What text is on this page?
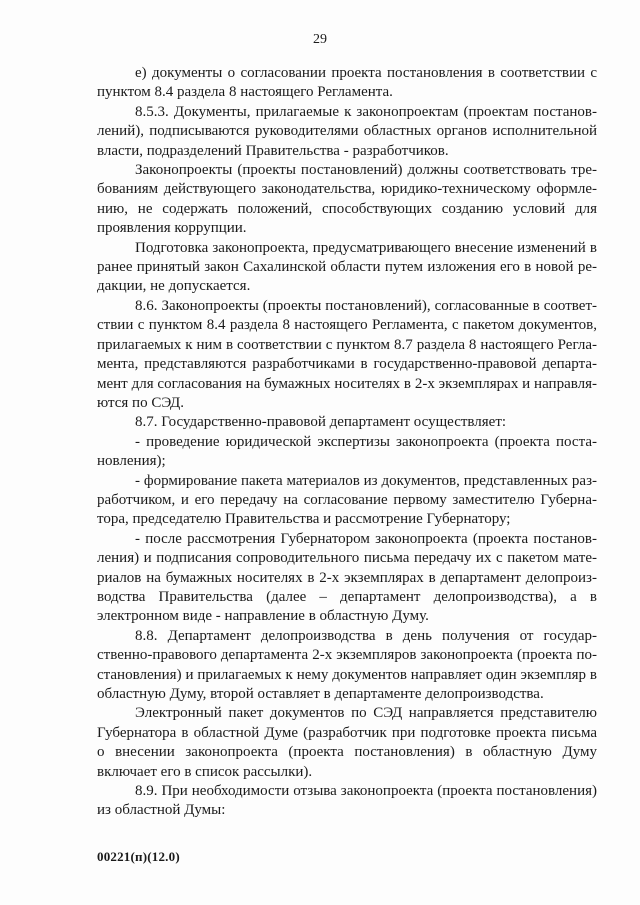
29

е) документы о согласовании проекта постановления в соответствии с пунктом 8.4 раздела 8 настоящего Регламента.

8.5.3. Документы, прилагаемые к законопроектам (проектам постановлений), подписываются руководителями областных органов исполнительной власти, подразделений Правительства - разработчиков.

Законопроекты (проекты постановлений) должны соответствовать требованиям действующего законодательства, юридико-техническому оформлению, не содержать положений, способствующих созданию условий для проявления коррупции.

Подготовка законопроекта, предусматривающего внесение изменений в ранее принятый закон Сахалинской области путем изложения его в новой редакции, не допускается.

8.6. Законопроекты (проекты постановлений), согласованные в соответствии с пунктом 8.4 раздела 8 настоящего Регламента, с пакетом документов, прилагаемых к ним в соответствии с пунктом 8.7 раздела 8 настоящего Регламента, представляются разработчиками в государственно-правовой департамент для согласования на бумажных носителях в 2-х экземплярах и направляются по СЭД.

8.7. Государственно-правовой департамент осуществляет:

- проведение юридической экспертизы законопроекта (проекта постановления);

- формирование пакета материалов из документов, представленных разработчиком, и его передачу на согласование первому заместителю Губернатора, председателю Правительства и рассмотрение Губернатору;

- после рассмотрения Губернатором законопроекта (проекта постановления) и подписания сопроводительного письма передачу их с пакетом материалов на бумажных носителях в 2-х экземплярах в департамент делопроизводства Правительства (далее – департамент делопроизводства), а в электронном виде - направление в областную Думу.

8.8. Департамент делопроизводства в день получения от государственно-правового департамента 2-х экземпляров законопроекта (проекта постановления) и прилагаемых к нему документов направляет один экземпляр в областную Думу, второй оставляет в департаменте делопроизводства.

Электронный пакет документов по СЭД направляется представителю Губернатора в областной Думе (разработчик при подготовке проекта письма о внесении законопроекта (проекта постановления) в областную Думу включает его в список рассылки).

8.9. При необходимости отзыва законопроекта (проекта постановления) из областной Думы:

00221(п)(12.0)
